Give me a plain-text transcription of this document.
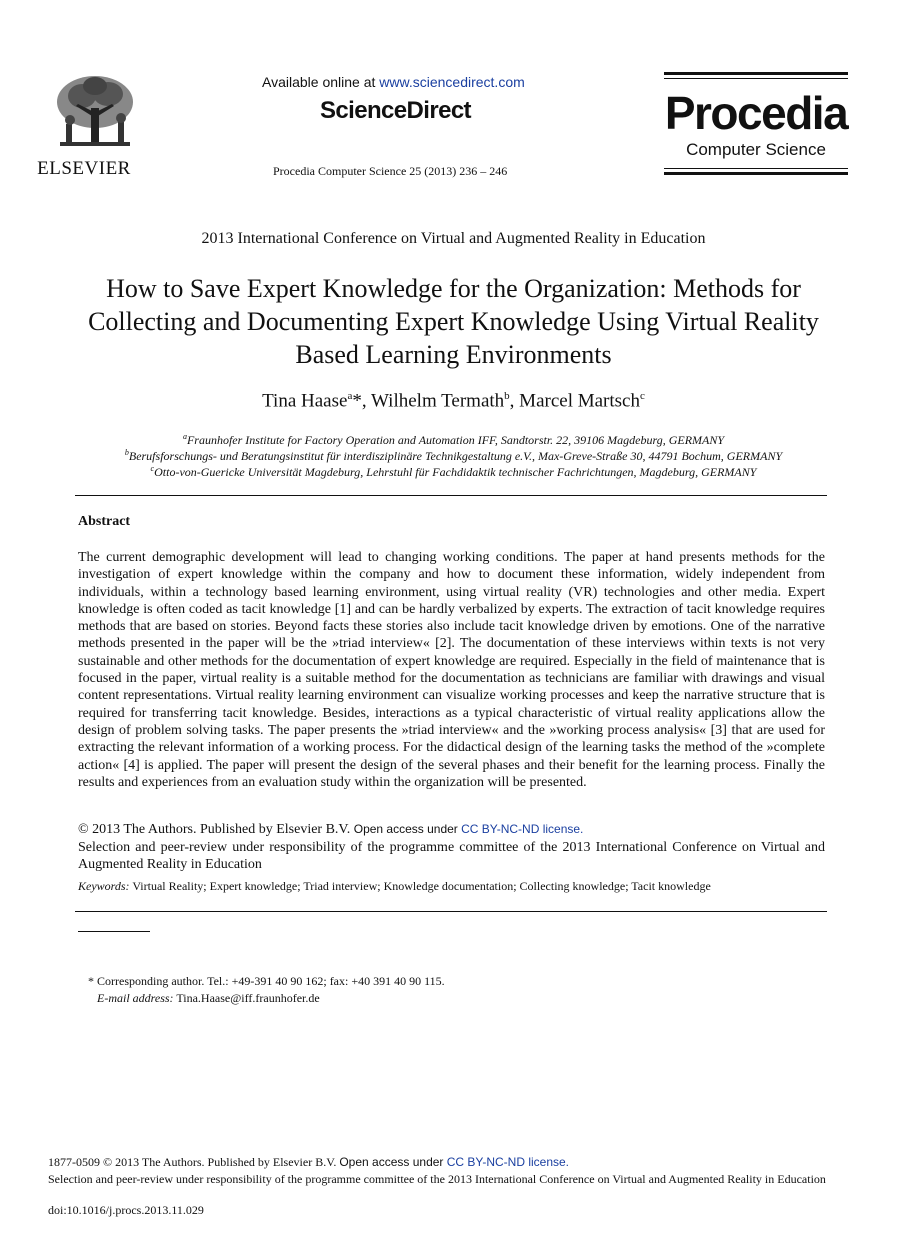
ELSEVIER
Available online at www.sciencedirect.com
ScienceDirect
Procedia Computer Science 25 (2013) 236 – 246
Procedia
Computer Science
2013 International Conference on Virtual and Augmented Reality in Education
How to Save Expert Knowledge for the Organization: Methods for Collecting and Documenting Expert Knowledge Using Virtual Reality Based Learning Environments
Tina Haase$^a$*, Wilhelm Termath$^b$, Marcel Martsch$^c$
$^a$Fraunhofer Institute for Factory Operation and Automation IFF, Sandtorstr. 22, 39106 Magdeburg, GERMANY
$^b$Berufsforschungs- und Beratungsinstitut für interdisziplinäre Technikgestaltung e.V., Max-Greve-Straße 30, 44791 Bochum, GERMANY
$^c$Otto-von-Guericke Universität Magdeburg, Lehrstuhl für Fachdidaktik technischer Fachrichtungen, Magdeburg, GERMANY
Abstract

The current demographic development will lead to changing working conditions. The paper at hand presents methods for the investigation of expert knowledge within the company and how to document these information, widely independent from individuals, within a technology based learning environment, using virtual reality (VR) technologies and other media. Expert knowledge is often coded as tacit knowledge [1] and can be hardly verbalized by experts. The extraction of tacit knowledge requires methods that are based on stories. Beyond facts these stories also include tacit knowledge driven by emotions. One of the narrative methods presented in the paper will be the »triad interview« [2]. The documentation of these interviews within texts is not very sustainable and other methods for the documentation of expert knowledge are required. Especially in the field of maintenance that is focused in the paper, virtual reality is a suitable method for the documentation as technicians are familiar with drawings and visual content representations. Virtual reality learning environment can visualize working processes and keep the narrative structure that is required for transferring tacit knowledge. Besides, interactions as a typical characteristic of virtual reality applications allow the design of problem solving tasks. The paper presents the »triad interview« and the »working process analysis« [3] that are used for extracting the relevant information of a working process. For the didactical design of the learning tasks the method of the »complete action« [4] is applied. The paper will present the design of the several phases and their benefit for the learning process. Finally the results and experiences from an evaluation study within the organization will be presented.

© 2013 The Authors. Published by Elsevier B.V. Open access under CC BY-NC-ND license.
Selection and peer-review under responsibility of the programme committee of the 2013 International Conference on Virtual and Augmented Reality in Education
Keywords: Virtual Reality; Expert knowledge; Triad interview; Knowledge documentation; Collecting knowledge; Tacit knowledge
* Corresponding author. Tel.: +49-391 40 90 162; fax: +40 391 40 90 115.
E-mail address: Tina.Haase@iff.fraunhofer.de
1877-0509 © 2013 The Authors. Published by Elsevier B.V. Open access under CC BY-NC-ND license.
Selection and peer-review under responsibility of the programme committee of the 2013 International Conference on Virtual and Augmented Reality in Education
doi:10.1016/j.procs.2013.11.029
